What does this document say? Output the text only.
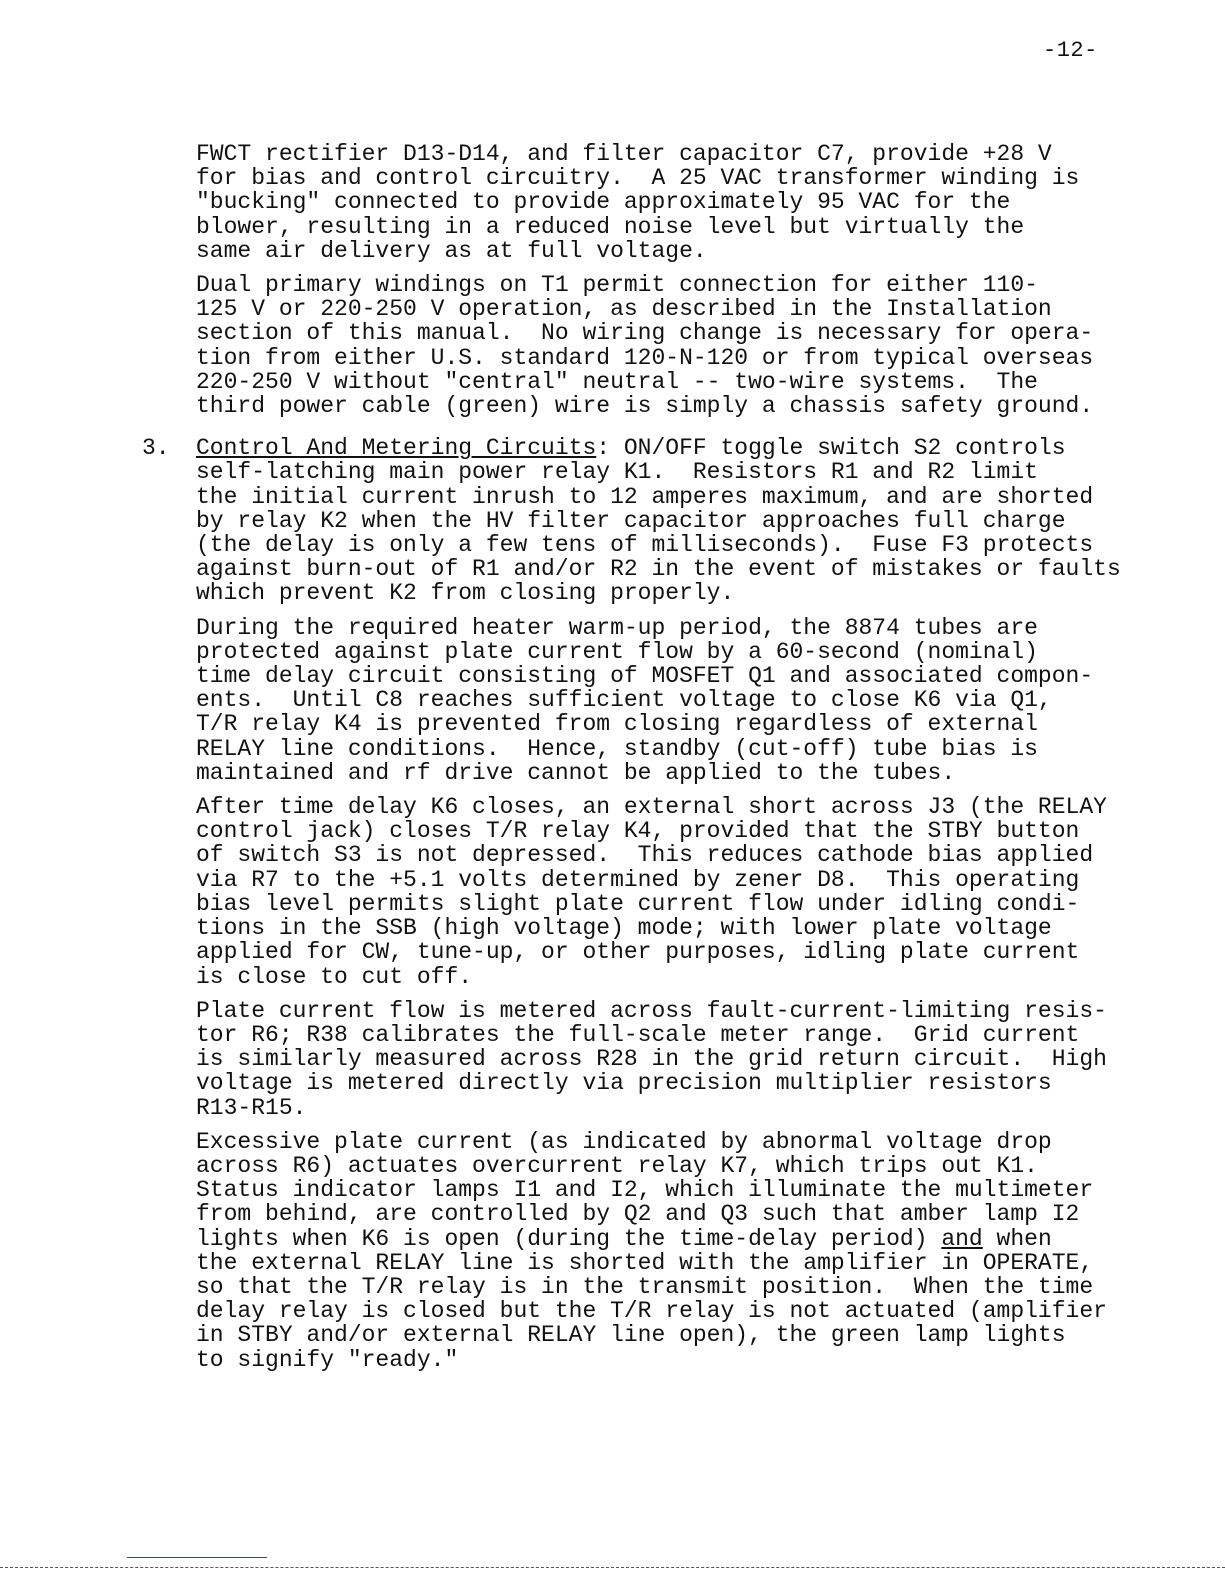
-12-

FWCT rectifier D13-D14, and filter capacitor C7, provide +28 V
for bias and control circuitry.  A 25 VAC transformer winding is
"bucking" connected to provide approximately 95 VAC for the
blower, resulting in a reduced noise level but virtually the
same air delivery as at full voltage.

Dual primary windings on T1 permit connection for either 110-
125 V or 220-250 V operation, as described in the Installation
section of this manual.  No wiring change is necessary for opera-
tion from either U.S. standard 120-N-120 or from typical overseas
220-250 V without "central" neutral -- two-wire systems.  The
third power cable (green) wire is simply a chassis safety ground.

3. Control And Metering Circuits: ON/OFF toggle switch S2 controls
self-latching main power relay K1.  Resistors R1 and R2 limit
the initial current inrush to 12 amperes maximum, and are shorted
by relay K2 when the HV filter capacitor approaches full charge
(the delay is only a few tens of milliseconds).  Fuse F3 protects
against burn-out of R1 and/or R2 in the event of mistakes or faults
which prevent K2 from closing properly.

During the required heater warm-up period, the 8874 tubes are
protected against plate current flow by a 60-second (nominal)
time delay circuit consisting of MOSFET Q1 and associated compon-
ents.  Until C8 reaches sufficient voltage to close K6 via Q1,
T/R relay K4 is prevented from closing regardless of external
RELAY line conditions.  Hence, standby (cut-off) tube bias is
maintained and rf drive cannot be applied to the tubes.

After time delay K6 closes, an external short across J3 (the RELAY
control jack) closes T/R relay K4, provided that the STBY button
of switch S3 is not depressed.  This reduces cathode bias applied
via R7 to the +5.1 volts determined by zener D8.  This operating
bias level permits slight plate current flow under idling condi-
tions in the SSB (high voltage) mode; with lower plate voltage
applied for CW, tune-up, or other purposes, idling plate current
is close to cut off.

Plate current flow is metered across fault-current-limiting resis-
tor R6; R38 calibrates the full-scale meter range.  Grid current
is similarly measured across R28 in the grid return circuit.  High
voltage is metered directly via precision multiplier resistors
R13-R15.

Excessive plate current (as indicated by abnormal voltage drop
across R6) actuates overcurrent relay K7, which trips out K1.
Status indicator lamps I1 and I2, which illuminate the multimeter
from behind, are controlled by Q2 and Q3 such that amber lamp I2
lights when K6 is open (during the time-delay period) and when
the external RELAY line is shorted with the amplifier in OPERATE,
so that the T/R relay is in the transmit position.  When the time
delay relay is closed but the T/R relay is not actuated (amplifier
in STBY and/or external RELAY line open), the green lamp lights
to signify "ready."
